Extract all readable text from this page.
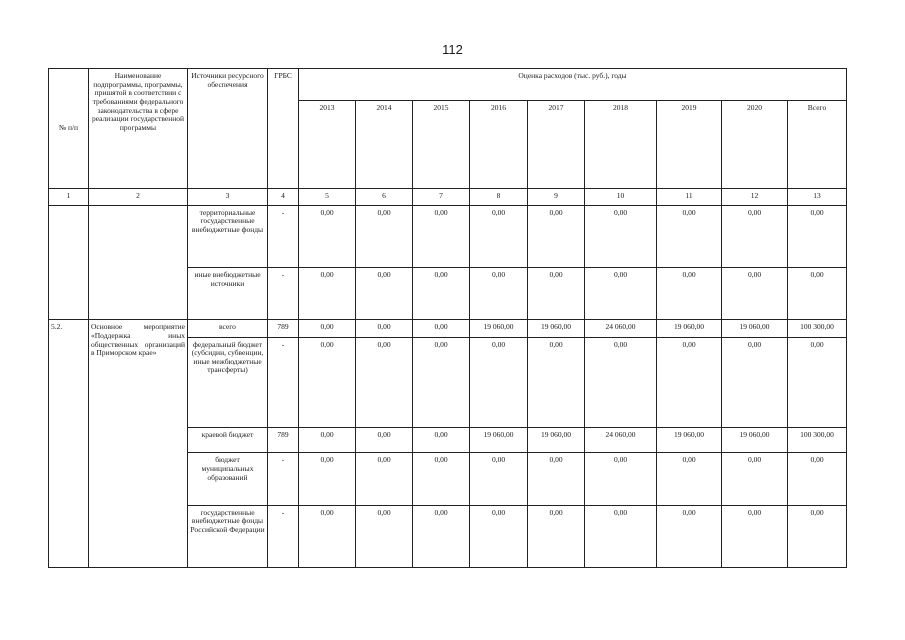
112
№ п/п	Наименование подпрограммы, программы, пришятой в соответствии с требованиями федерального законодательства в сфере реализации государственной программы	Источники ресурсного обеспечения	ГРБС	Оценка расходов (тыс. руб.), годы								
				2013	2014	2015	2016	2017	2018	2019	2020	Всего
1	2	3	4	5	6	7	8	9	10	11	12	13
		территориальные государственные внебюджетные фонды	-	0,00	0,00	0,00	0,00	0,00	0,00	0,00	0,00	0,00
		иные внебюджетные источники	-	0,00	0,00	0,00	0,00	0,00	0,00	0,00	0,00	0,00
5.2.	Основное мероприятие «Поддержка иных общественных организаций в Приморском крае»	всего	789	0,00	0,00	0,00	19 060,00	19 060,00	24 060,00	19 060,00	19 060,00	100 300,00
		федеральный бюджет (субсидии, субвенции, иные межбюджетные трансферты)	-	0,00	0,00	0,00	0,00	0,00	0,00	0,00	0,00	0,00
		краевой бюджет	789	0,00	0,00	0,00	19 060,00	19 060,00	24 060,00	19 060,00	19 060,00	100 300,00
		бюджет муниципальных образований	-	0,00	0,00	0,00	0,00	0,00	0,00	0,00	0,00	0,00
		государственные внебюджетные фонды Российской Федерации	-	0,00	0,00	0,00	0,00	0,00	0,00	0,00	0,00	0,00
